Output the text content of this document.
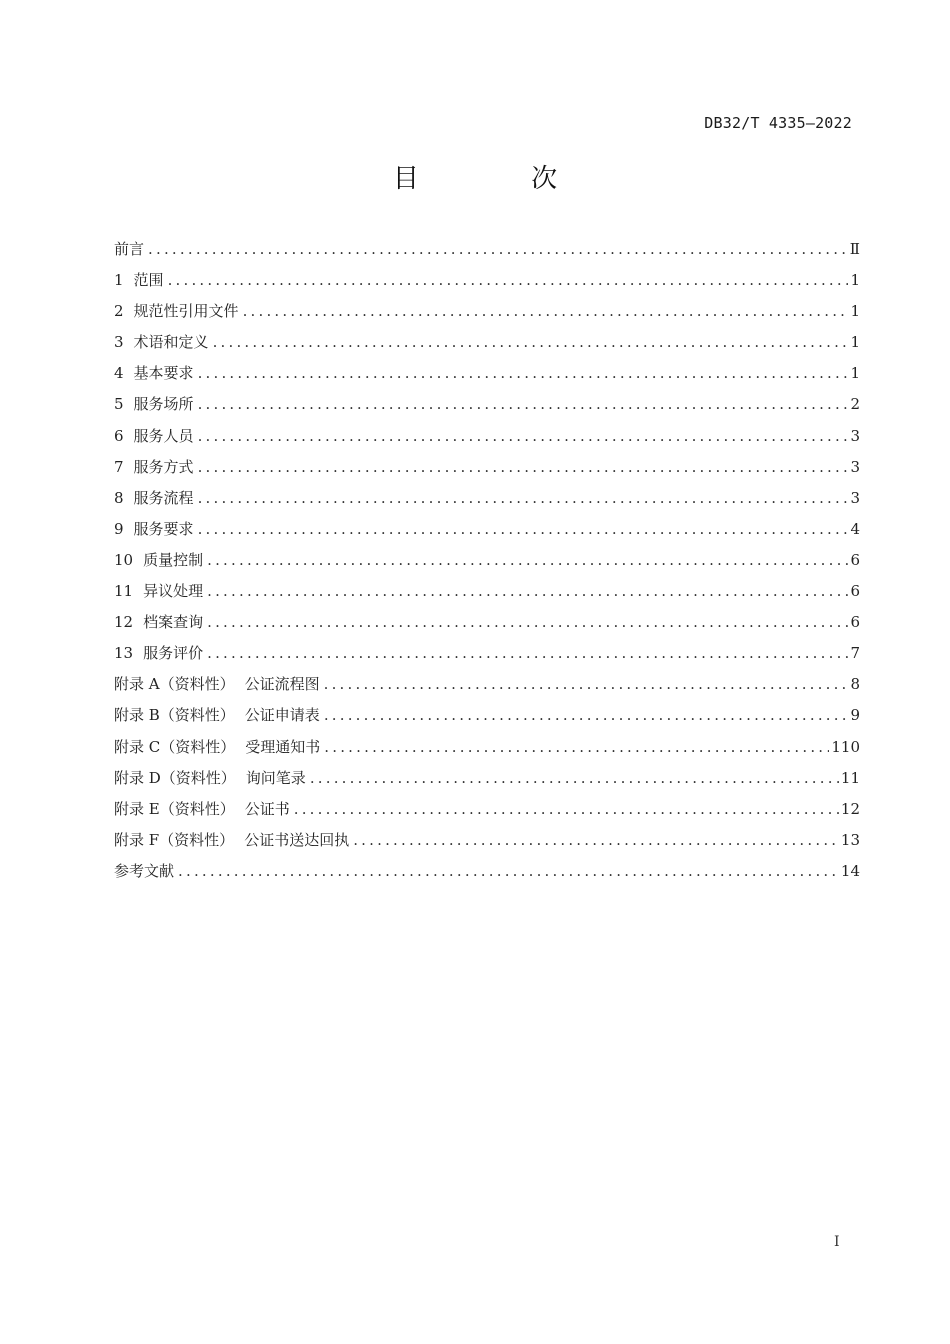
DB32/T 4335—2022
目 次
前言 .....	Ⅱ
1 范围 .....	1
2 规范性引用文件 .....	1
3 术语和定义 .....	1
4 基本要求 .....	1
5 服务场所 .....	2
6 服务人员 .....	3
7 服务方式 .....	3
8 服务流程 .....	3
9 服务要求 .....	4
10 质量控制 .....	6
11 异议处理 .....	6
12 档案查询 .....	6
13 服务评价 .....	7
附录 A（资料性） 公证流程图 .....	8
附录 B（资料性） 公证申请表 .....	9
附录 C（资料性） 受理通知书 .....	110
附录 D（资料性） 询问笔录 .....	11
附录 E（资料性） 公证书 .....	12
附录 F（资料性） 公证书送达回执 .....	13
参考文献 .....	14
I
